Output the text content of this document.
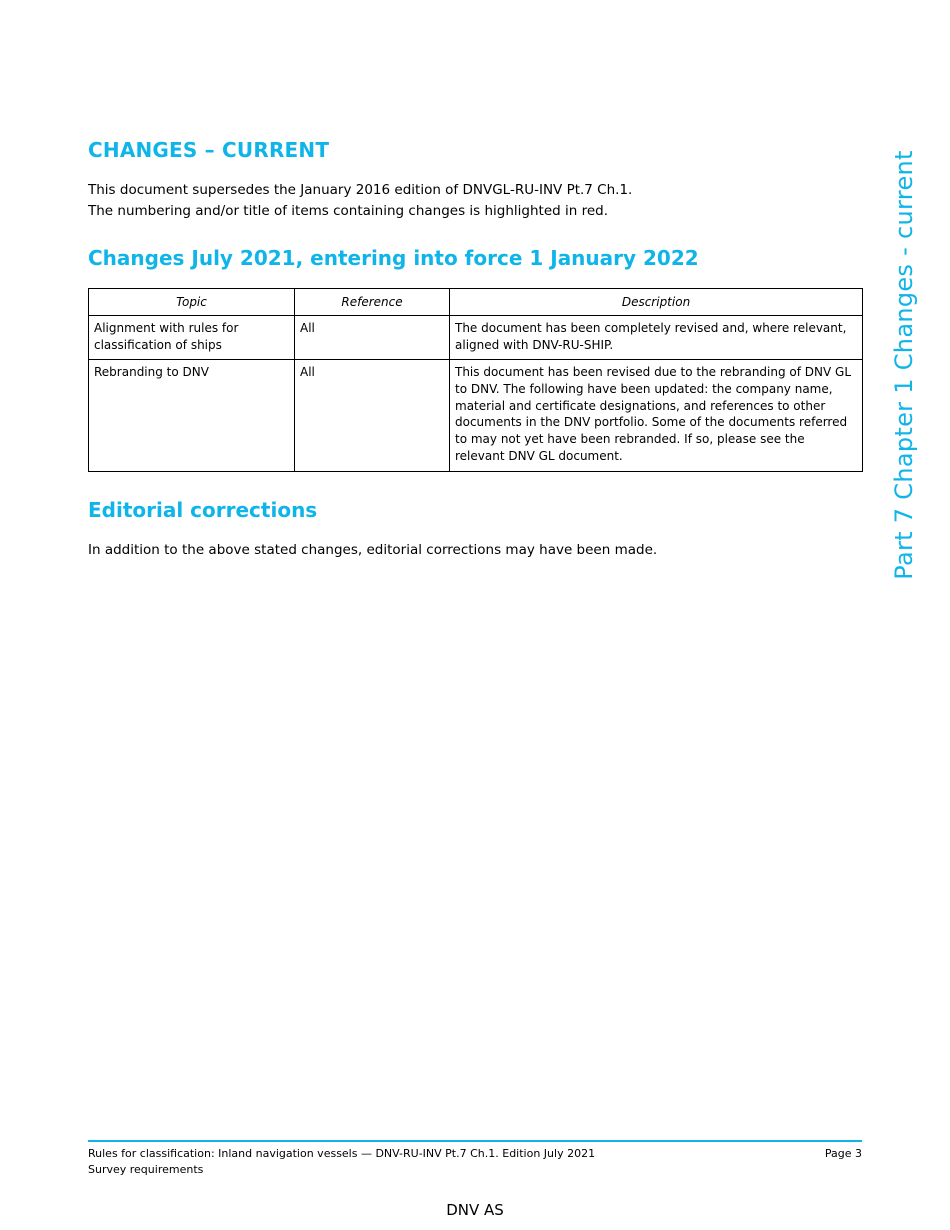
CHANGES – CURRENT
This document supersedes the January 2016 edition of DNVGL-RU-INV Pt.7 Ch.1.
The numbering and/or title of items containing changes is highlighted in red.
Changes July 2021, entering into force 1 January 2022
Topic	Reference	Description
Alignment with rules for classification of ships	All	The document has been completely revised and, where relevant, aligned with DNV-RU-SHIP.
Rebranding to DNV	All	This document has been revised due to the rebranding of DNV GL to DNV. The following have been updated: the company name, material and certificate designations, and references to other documents in the DNV portfolio. Some of the documents referred to may not yet have been rebranded. If so, please see the relevant DNV GL document.
Editorial corrections
In addition to the above stated changes, editorial corrections may have been made.	Part 7 Chapter 1 Changes - current
Rules for classification: Inland navigation vessels — DNV-RU-INV Pt.7 Ch.1. Edition July 2021	Page 3
Survey requirements
DNV AS
